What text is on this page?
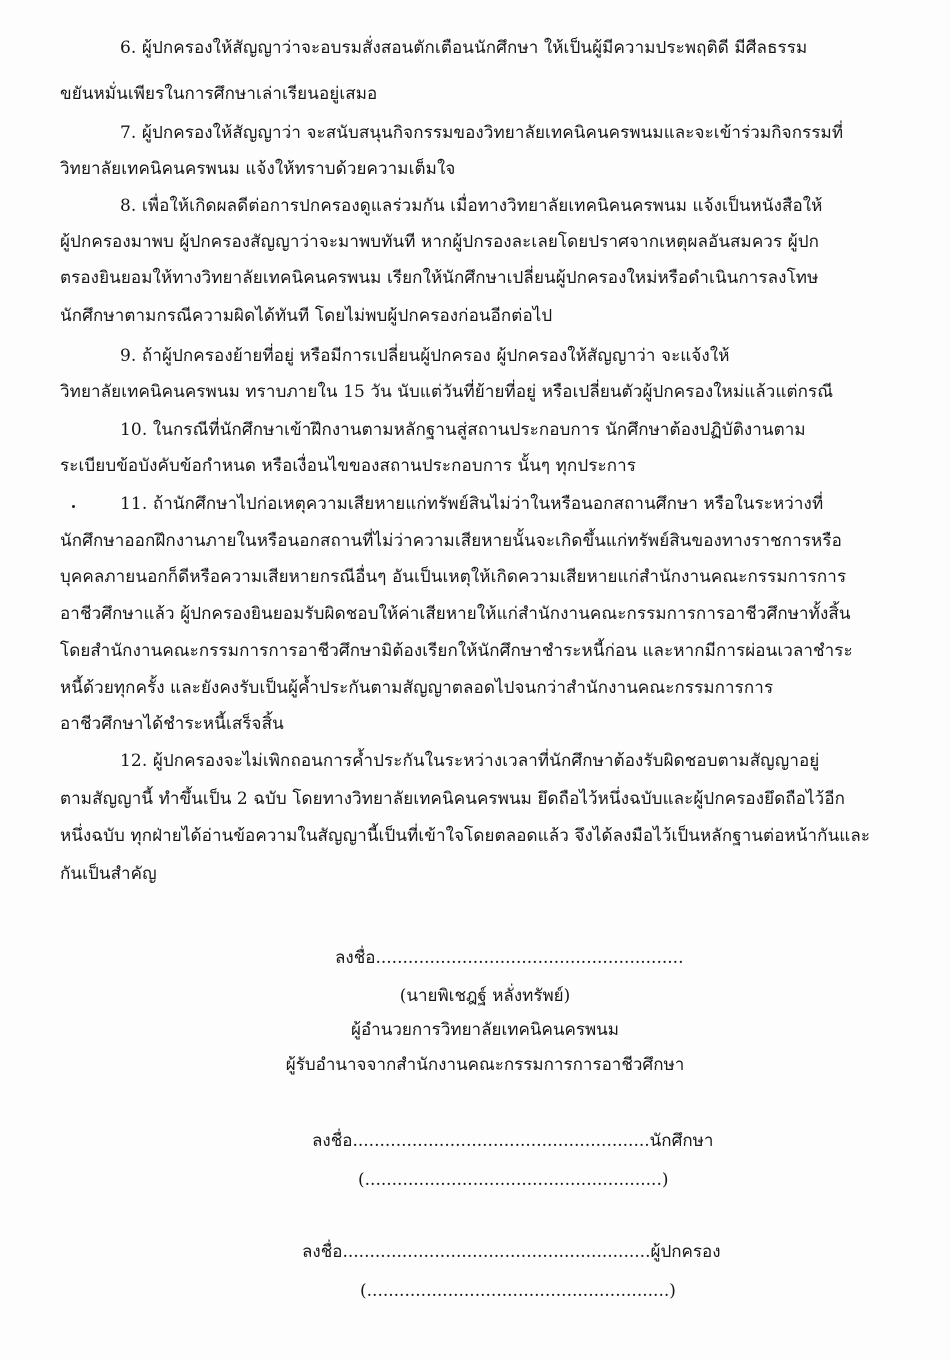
6. ผู้ปกครองให้สัญญาว่าจะอบรมสั่งสอนตักเตือนนักศึกษา ให้เป็นผู้มีความประพฤติดี มีศีลธรรม
ขยันหมั่นเพียรในการศึกษาเล่าเรียนอยู่เสมอ
7. ผู้ปกครองให้สัญญาว่า จะสนับสนุนกิจกรรมของวิทยาลัยเทคนิคนครพนมและจะเข้าร่วมกิจกรรมที่
วิทยาลัยเทคนิคนครพนม แจ้งให้ทราบด้วยความเต็มใจ
8. เพื่อให้เกิดผลดีต่อการปกครองดูแลร่วมกัน เมื่อทางวิทยาลัยเทคนิคนครพนม แจ้งเป็นหนังสือให้
ผู้ปกครองมาพบ ผู้ปกครองสัญญาว่าจะมาพบทันที หากผู้ปกรองละเลยโดยปราศจากเหตุผลอันสมควร ผู้ปก
ตรองยินยอมให้ทางวิทยาลัยเทคนิคนครพนม เรียกให้นักศึกษาเปลี่ยนผู้ปกครองใหม่หรือดำเนินการลงโทษ
นักศึกษาตามกรณีความผิดได้ทันที โดยไม่พบผู้ปกครองก่อนอีกต่อไป
9. ถ้าผู้ปกครองย้ายที่อยู่ หรือมีการเปลี่ยนผู้ปกครอง ผู้ปกครองให้สัญญาว่า จะแจ้งให้
วิทยาลัยเทคนิคนครพนม ทราบภายใน 15 วัน นับแต่วันที่ย้ายที่อยู่ หรือเปลี่ยนตัวผู้ปกครองใหม่แล้วแต่กรณี
10. ในกรณีที่นักศึกษาเข้าฝึกงานตามหลักฐานสู่สถานประกอบการ นักศึกษาต้องปฏิบัติงานตาม
ระเบียบข้อบังคับข้อกำหนด หรือเงื่อนไขของสถานประกอบการ นั้นๆ ทุกประการ
11. ถ้านักศึกษาไปก่อเหตุความเสียหายแก่ทรัพย์สินไม่ว่าในหรือนอกสถานศึกษา หรือในระหว่างที่
นักศึกษาออกฝึกงานภายในหรือนอกสถานที่ไม่ว่าความเสียหายนั้นจะเกิดขึ้นแก่ทรัพย์สินของทางราชการหรือ
บุคคลภายนอกก็ดีหรือความเสียหายกรณีอื่นๆ อันเป็นเหตุให้เกิดความเสียหายแก่สำนักงานคณะกรรมการการ
อาชีวศึกษาแล้ว ผู้ปกครองยินยอมรับผิดชอบให้ค่าเสียหายให้แก่สำนักงานคณะกรรมการการอาชีวศึกษาทั้งสิ้น
โดยสำนักงานคณะกรรมการการอาชีวศึกษามิต้องเรียกให้นักศึกษาชำระหนี้ก่อน และหากมีการผ่อนเวลาชำระ
หนี้ด้วยทุกครั้ง และยังคงรับเป็นผู้ค้ำประกันตามสัญญาตลอดไปจนกว่าสำนักงานคณะกรรมการการ
อาชีวศึกษาได้ชำระหนี้เสร็จสิ้น
12. ผู้ปกครองจะไม่เพิกถอนการค้ำประกันในระหว่างเวลาที่นักศึกษาต้องรับผิดชอบตามสัญญาอยู่
ตามสัญญานี้ ทำขึ้นเป็น 2 ฉบับ โดยทางวิทยาลัยเทคนิคนครพนม ยึดถือไว้หนึ่งฉบับและผู้ปกครองยึดถือไว้อีก
หนึ่งฉบับ ทุกฝ่ายได้อ่านข้อความในสัญญานี้เป็นที่เข้าใจโดยตลอดแล้ว จึงได้ลงมือไว้เป็นหลักฐานต่อหน้ากันและ
กันเป็นสำคัญ
ลงชื่อ.........................................................
(นายพิเชฎฐ์ หลั่งทรัพย์)
ผู้อำนวยการวิทยาลัยเทคนิคนครพนม
ผู้รับอำนาจจากสำนักงานคณะกรรมการการอาชีวศึกษา
ลงชื่อ.......................................................นักศึกษา
(.......................................................)
ลงชื่อ.........................................................ผู้ปกครอง
(........................................................)
